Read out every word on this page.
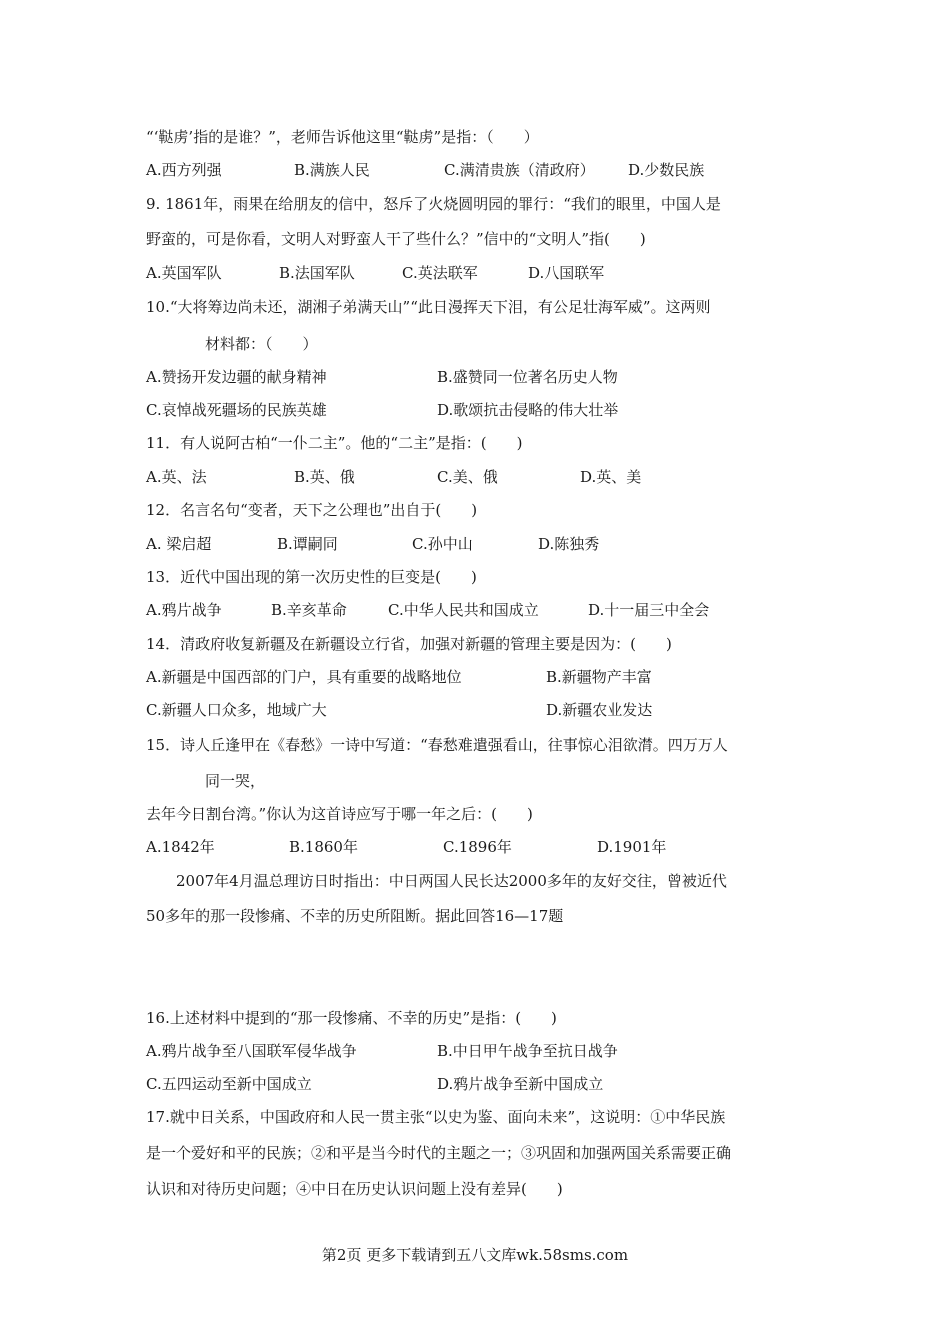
“‘鞑虏’指的是谁？”，老师告诉他这里“鞑虏”是指：（　　）
A.西方列强	B.满族人民	C.满清贵族（清政府） D.少数民族
9. 1861年，雨果在给朋友的信中，怒斥了火烧圆明园的罪行：“我们的眼里，中国人是
野蛮的，可是你看，文明人对野蛮人干了些什么？”信中的“文明人”指(　　)
A.英国军队	B.法国军队	C.英法联军	D.八国联军
10.“大将筹边尚未还，湖湘子弟满天山”“此日漫挥天下泪，有公足壮海军威”。这两则
材料都：（　　）
A.赞扬开发边疆的献身精神	B.盛赞同一位著名历史人物
C.哀悼战死疆场的民族英雄	D.歌颂抗击侵略的伟大壮举
11．有人说阿古柏“一仆二主”。他的“二主”是指：(　　)
A.英、法	B.英、俄	C.美、俄	D.英、美
12．名言名句“变者，天下之公理也”出自于(　　)
A. 梁启超	B.谭嗣同	C.孙中山	D.陈独秀
13．近代中国出现的第一次历史性的巨变是(　　)
A.鸦片战争	B.辛亥革命	C.中华人民共和国成立	D.十一届三中全会
14．清政府收复新疆及在新疆设立行省，加强对新疆的管理主要是因为：(　　)
A.新疆是中国西部的门户，具有重要的战略地位	B.新疆物产丰富
C.新疆人口众多，地域广大	D.新疆农业发达
15．诗人丘逢甲在《春愁》一诗中写道：“春愁难遣强看山，往事惊心泪欲潸。四万万人
同一哭，
去年今日割台湾。”你认为这首诗应写于哪一年之后：(　　)
A.1842年	B.1860年	C.1896年	D.1901年
2007年4月温总理访日时指出：中日两国人民长达2000多年的友好交往，曾被近代
50多年的那一段惨痛、不幸的历史所阻断。据此回答16—17题
16.上述材料中提到的“那一段惨痛、不幸的历史”是指：(　　)
A.鸦片战争至八国联军侵华战争	B.中日甲午战争至抗日战争
C.五四运动至新中国成立	D.鸦片战争至新中国成立
17.就中日关系，中国政府和人民一贯主张“以史为鉴、面向未来”，这说明：①中华民族
是一个爱好和平的民族；②和平是当今时代的主题之一；③巩固和加强两国关系需要正确
认识和对待历史问题；④中日在历史认识问题上没有差异(　　)
第2页 更多下载请到五八文库wk.58sms.com
